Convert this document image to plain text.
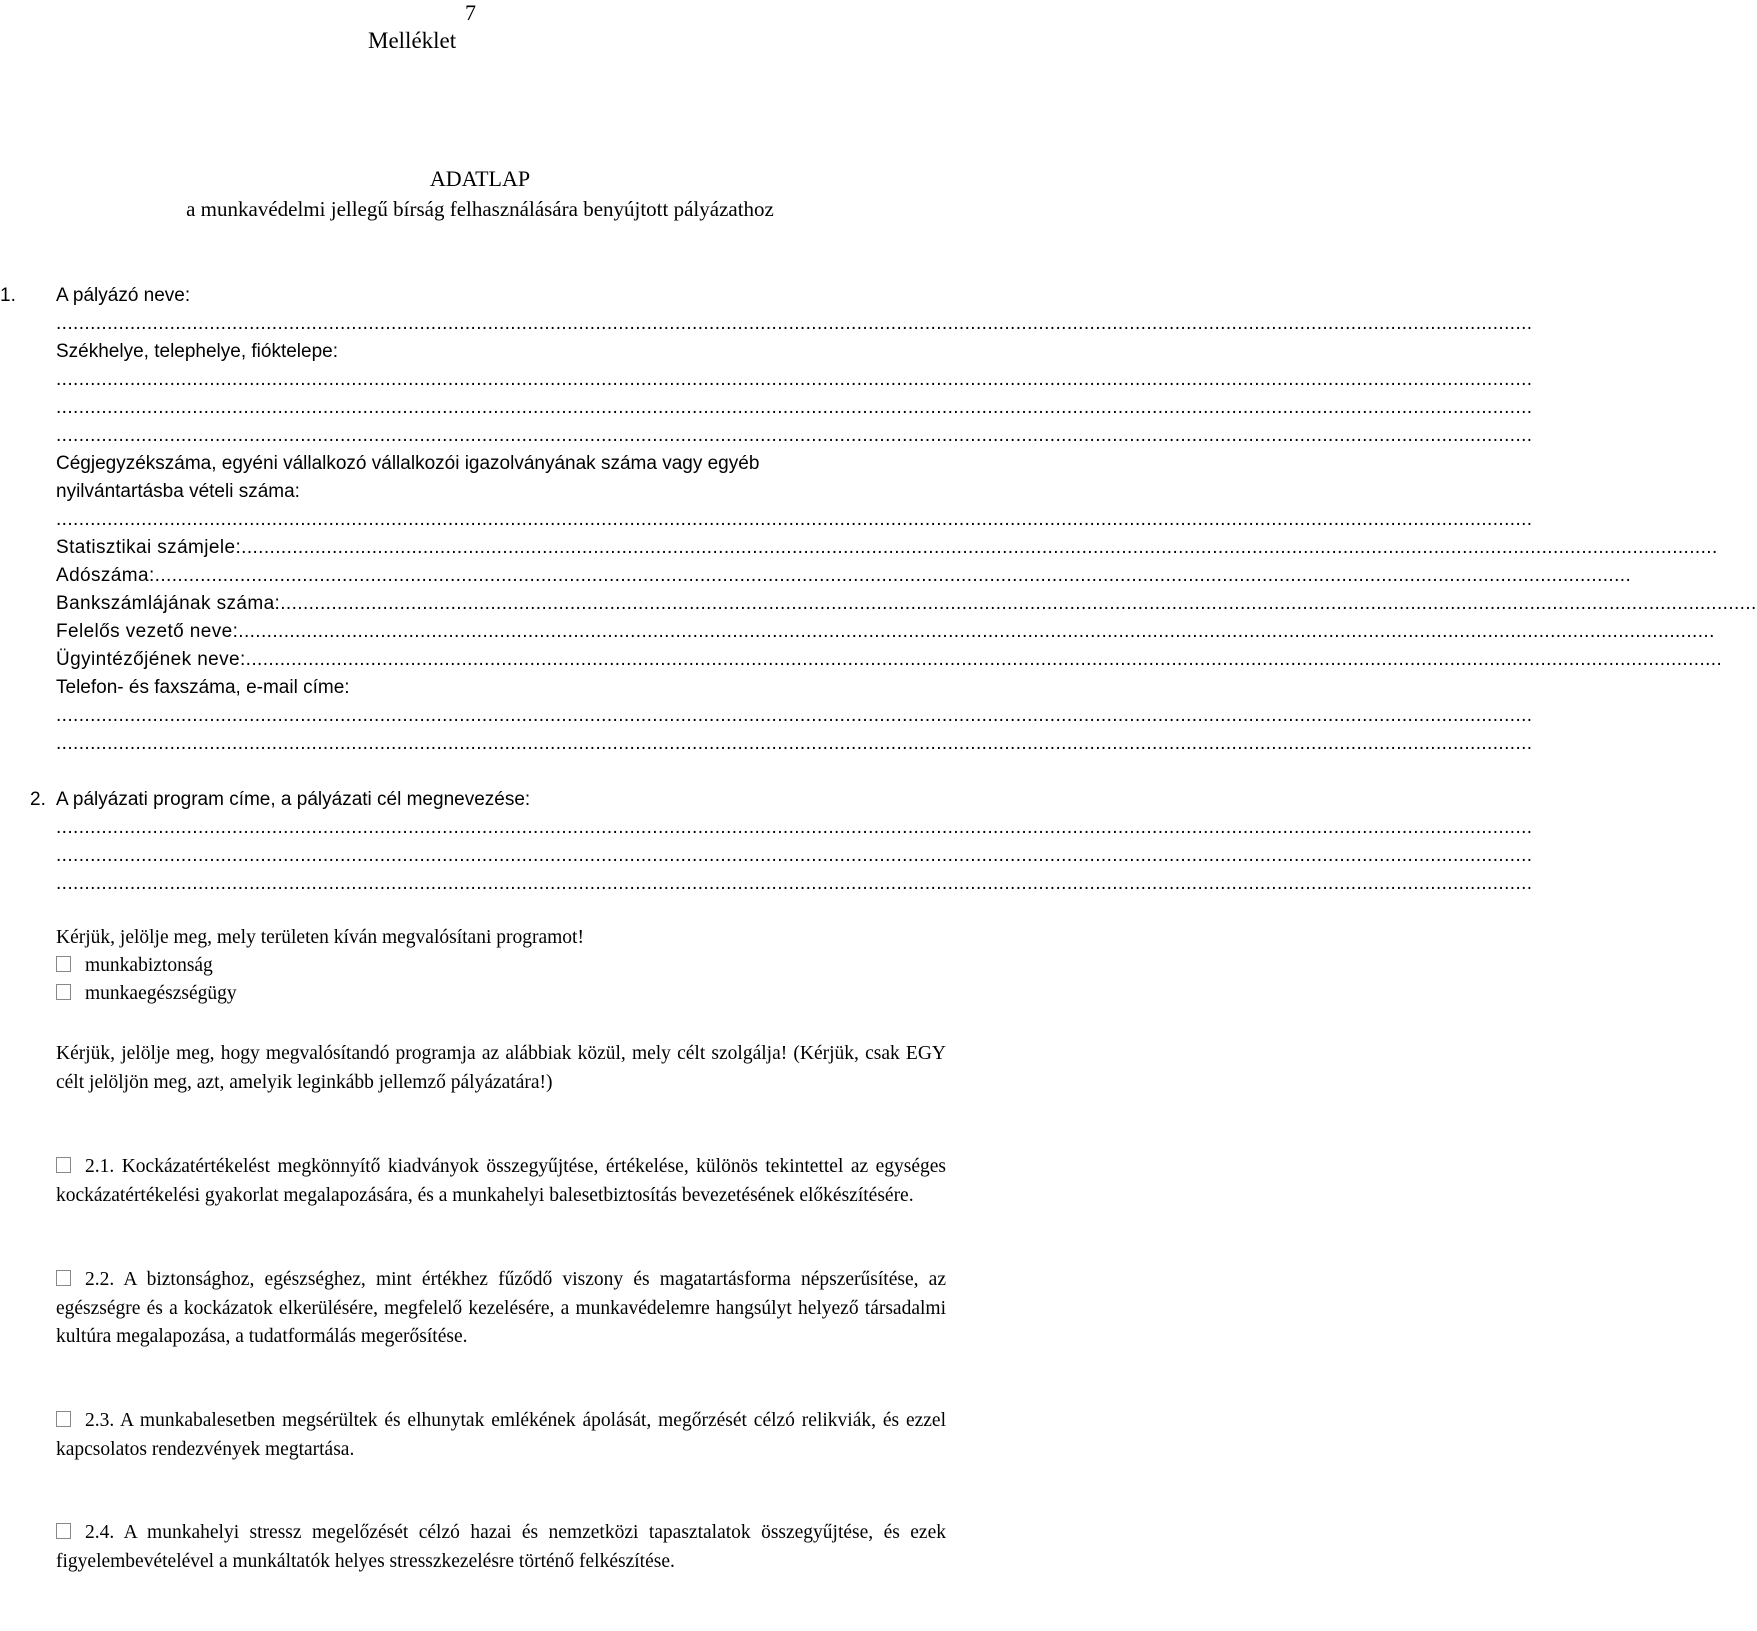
7
Melléklet
ADATLAP
a munkavédelmi jellegű bírság felhasználására benyújtott pályázathoz
1. A pályázó neve:
....................................................................................................................................................................................................................................................................
Székhelye, telephelye, fióktelepe:
....................................................................................................................................................................................................................................................................
....................................................................................................................................................................................................................................................................
....................................................................................................................................................................................................................................................................
Cégjegyzékszáma, egyéni vállalkozó vállalkozói igazolványának száma vagy egyéb
nyilvántartásba vételi száma:
....................................................................................................................................................................................................................................................................
Statisztikai számjele:....................................................................................................................................................................................................................................................................
Adószáma:....................................................................................................................................................................................................................................................................
Bankszámlájának száma:....................................................................................................................................................................................................................................................................
Felelős vezető neve:....................................................................................................................................................................................................................................................................
Ügyintézőjének neve:....................................................................................................................................................................................................................................................................
Telefon- és faxszáma, e-mail címe:
....................................................................................................................................................................................................................................................................
....................................................................................................................................................................................................................................................................
2. A pályázati program címe, a pályázati cél megnevezése:
....................................................................................................................................................................................................................................................................
....................................................................................................................................................................................................................................................................
....................................................................................................................................................................................................................................................................
Kérjük, jelölje meg, mely területen kíván megvalósítani programot!
munkabiztonság
munkaegészségügy
Kérjük, jelölje meg, hogy megvalósítandó programja az alábbiak közül, mely célt szolgálja! (Kérjük, csak EGY célt jelöljön meg, azt, amelyik leginkább jellemző pályázatára!)
2.1. Kockázatértékelést megkönnyítő kiadványok összegyűjtése, értékelése, különös tekintettel az egységes kockázatértékelési gyakorlat megalapozására, és a munkahelyi balesetbiztosítás bevezetésének előkészítésére.
2.2. A biztonsághoz, egészséghez, mint értékhez fűződő viszony és magatartásforma népszerűsítése, az egészségre és a kockázatok elkerülésére, megfelelő kezelésére, a munkavédelemre hangsúlyt helyező társadalmi kultúra megalapozása, a tudatformálás megerősítése.
2.3. A munkabalesetben megsérültek és elhunytak emlékének ápolását, megőrzését célzó relikviák, és ezzel kapcsolatos rendezvények megtartása.
2.4. A munkahelyi stressz megelőzését célzó hazai és nemzetközi tapasztalatok összegyűjtése, és ezek figyelembevételével a munkáltatók helyes stresszkezelésre történő felkészítése.
